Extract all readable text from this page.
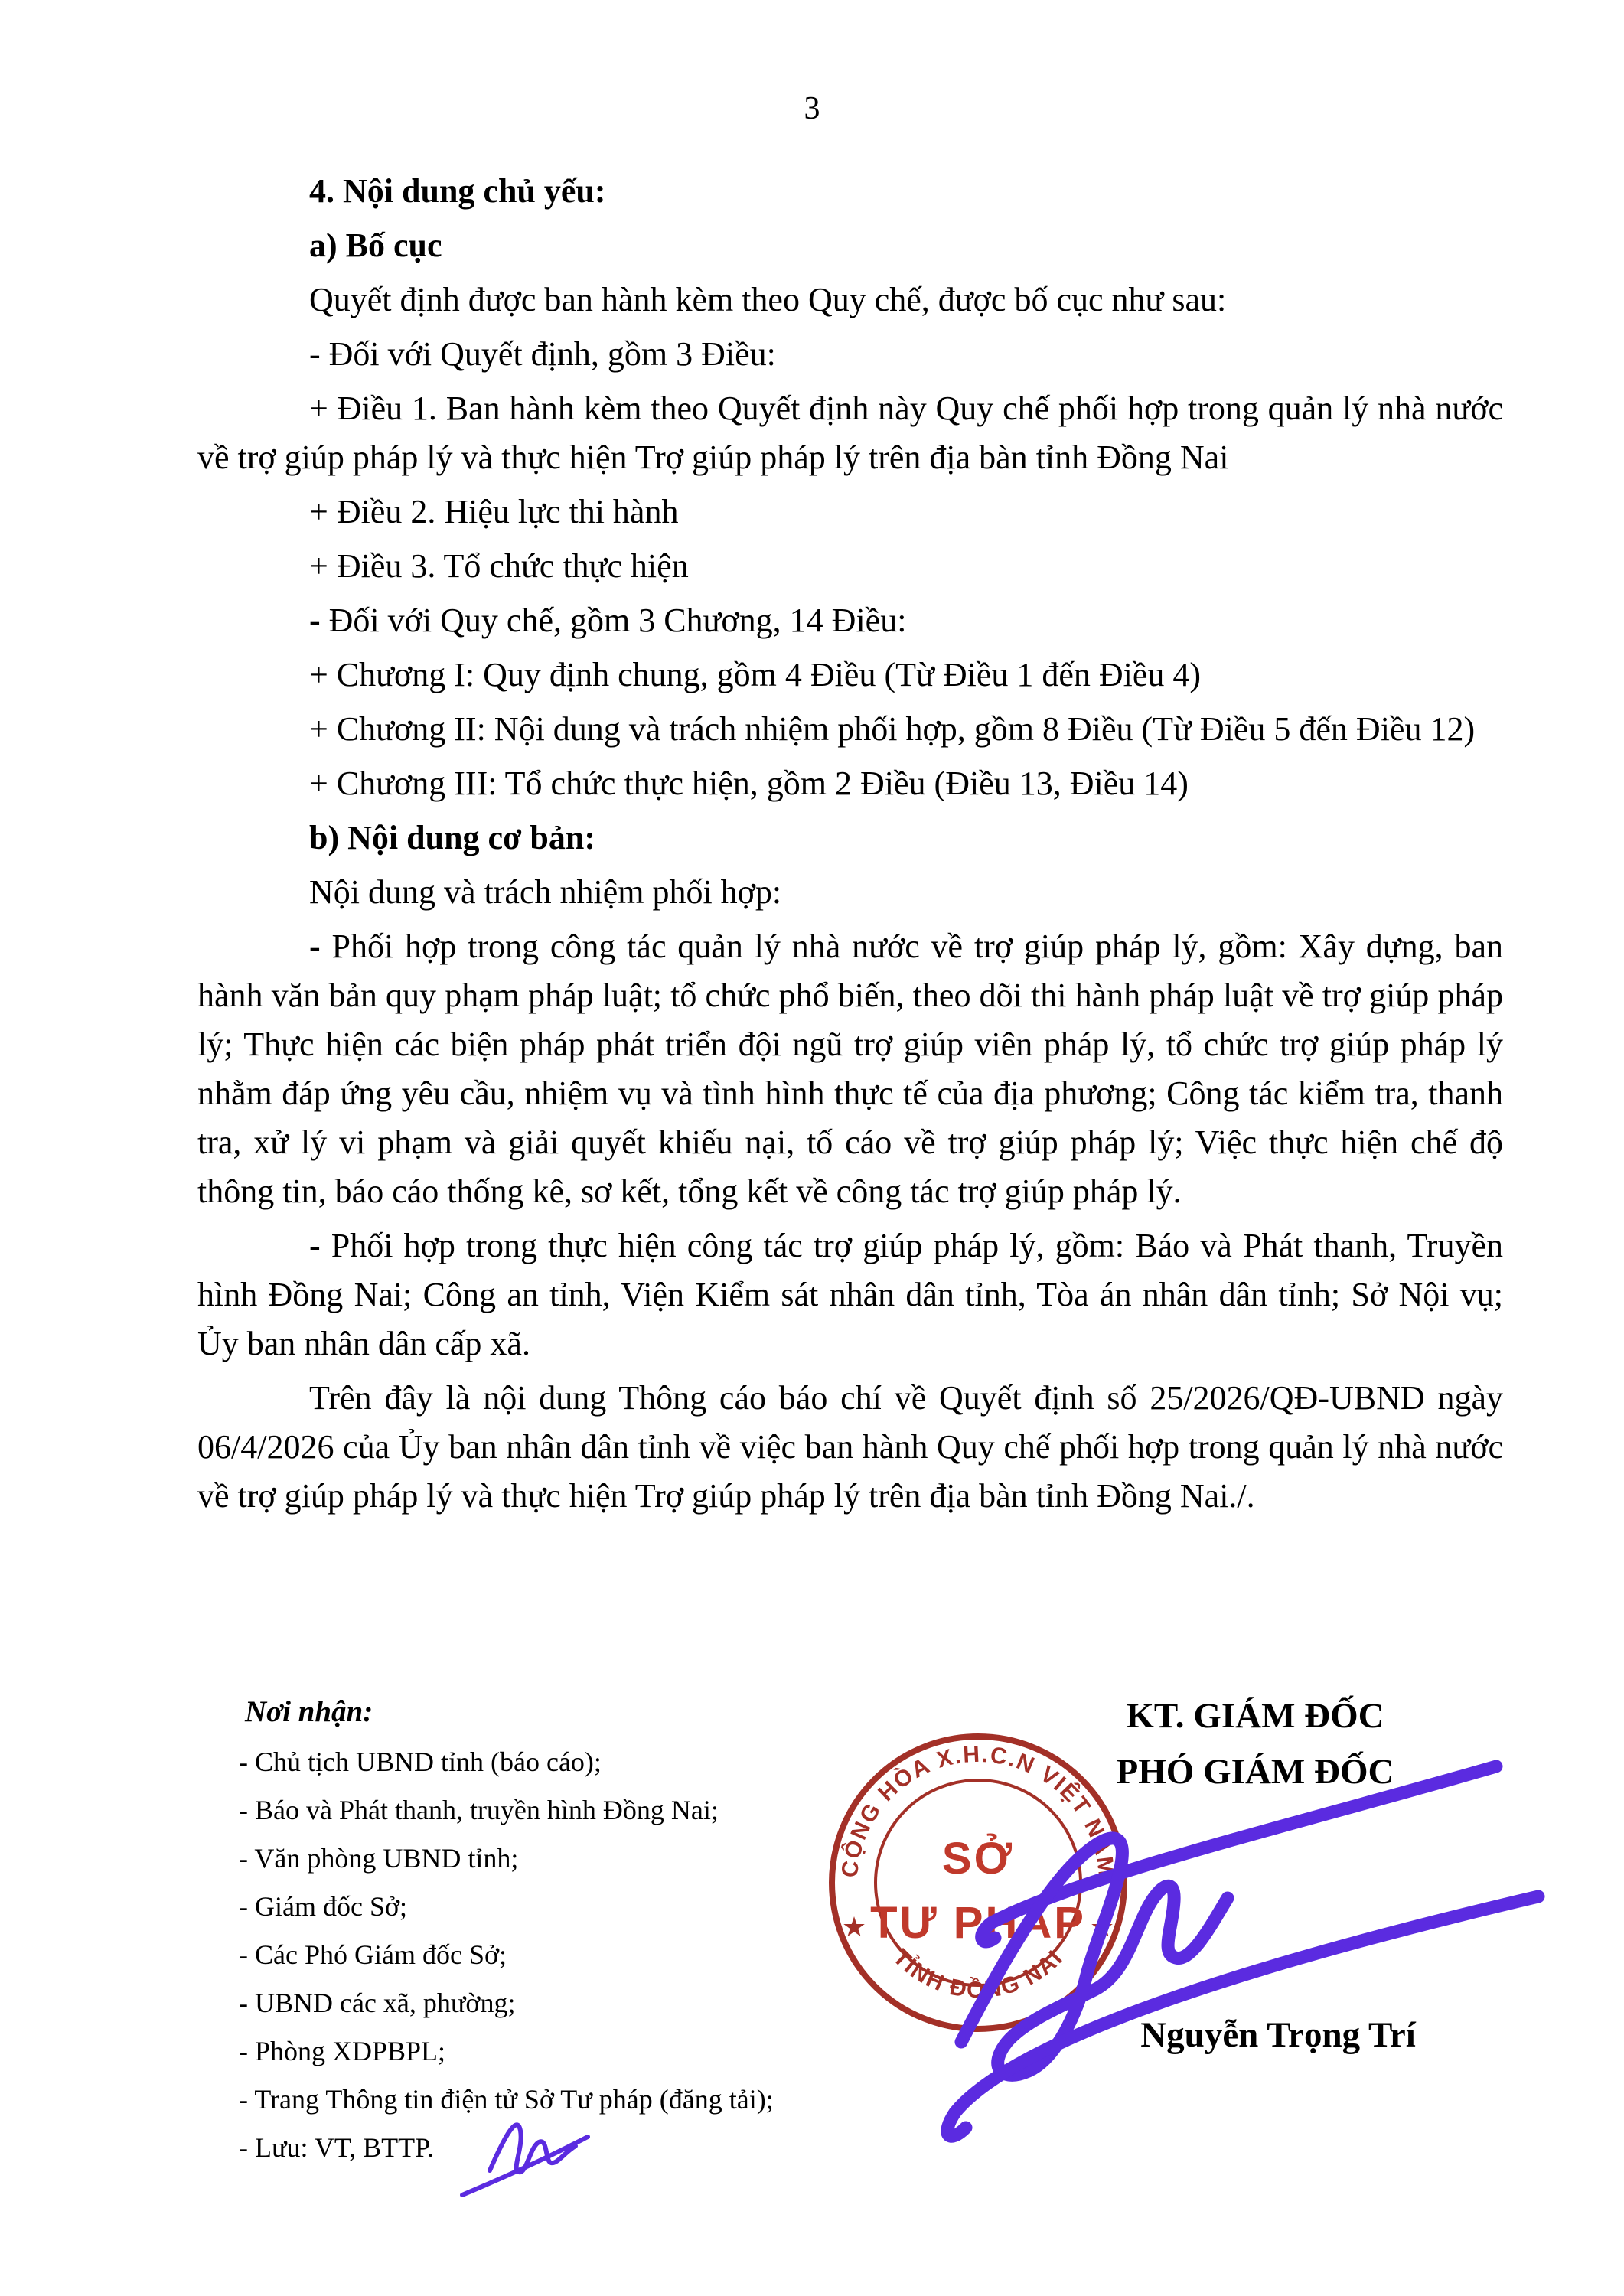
3

4. Nội dung chủ yếu:

a) Bố cục

Quyết định được ban hành kèm theo Quy chế, được bố cục như sau:

- Đối với Quyết định, gồm 3 Điều:

+ Điều 1. Ban hành kèm theo Quyết định này Quy chế phối hợp trong quản lý nhà nước về trợ giúp pháp lý và thực hiện Trợ giúp pháp lý trên địa bàn tỉnh Đồng Nai

+ Điều 2. Hiệu lực thi hành

+ Điều 3. Tổ chức thực hiện

- Đối với Quy chế, gồm 3 Chương, 14 Điều:

+ Chương I: Quy định chung, gồm 4 Điều (Từ Điều 1 đến Điều 4)

+ Chương II: Nội dung và trách nhiệm phối hợp, gồm 8 Điều (Từ Điều 5 đến Điều 12)

+ Chương III: Tổ chức thực hiện, gồm 2 Điều (Điều 13, Điều 14)

b) Nội dung cơ bản:

Nội dung và trách nhiệm phối hợp:

- Phối hợp trong công tác quản lý nhà nước về trợ giúp pháp lý, gồm: Xây dựng, ban hành văn bản quy phạm pháp luật; tổ chức phổ biến, theo dõi thi hành pháp luật về trợ giúp pháp lý; Thực hiện các biện pháp phát triển đội ngũ trợ giúp viên pháp lý, tổ chức trợ giúp pháp lý nhằm đáp ứng yêu cầu, nhiệm vụ và tình hình thực tế của địa phương; Công tác kiểm tra, thanh tra, xử lý vi phạm và giải quyết khiếu nại, tố cáo về trợ giúp pháp lý; Việc thực hiện chế độ thông tin, báo cáo thống kê, sơ kết, tổng kết về công tác trợ giúp pháp lý.

- Phối hợp trong thực hiện công tác trợ giúp pháp lý, gồm: Báo và Phát thanh, Truyền hình Đồng Nai; Công an tỉnh, Viện Kiểm sát nhân dân tỉnh, Tòa án nhân dân tỉnh; Sở Nội vụ; Ủy ban nhân dân cấp xã.

Trên đây là nội dung Thông cáo báo chí về Quyết định số 25/2026/QĐ-UBND ngày 06/4/2026 của Ủy ban nhân dân tỉnh về việc ban hành Quy chế phối hợp trong quản lý nhà nước về trợ giúp pháp lý và thực hiện Trợ giúp pháp lý trên địa bàn tỉnh Đồng Nai./.

Nơi nhận:
- Chủ tịch UBND tỉnh (báo cáo);
- Báo và Phát thanh, truyền hình Đồng Nai;
- Văn phòng UBND tỉnh;
- Giám đốc Sở;
- Các Phó Giám đốc Sở;
- UBND các xã, phường;
- Phòng XDPBPL;
- Trang Thông tin điện tử Sở Tư pháp (đăng tải);
- Lưu: VT, BTTP.
KT. GIÁM ĐỐC
PHÓ GIÁM ĐỐC
Nguyễn Trọng Trí
CỘNG HÒA X.H.C.N VIỆT NAM
TỈNH ĐỒNG NAI
★	★
SỞ
TƯ PHÁP
